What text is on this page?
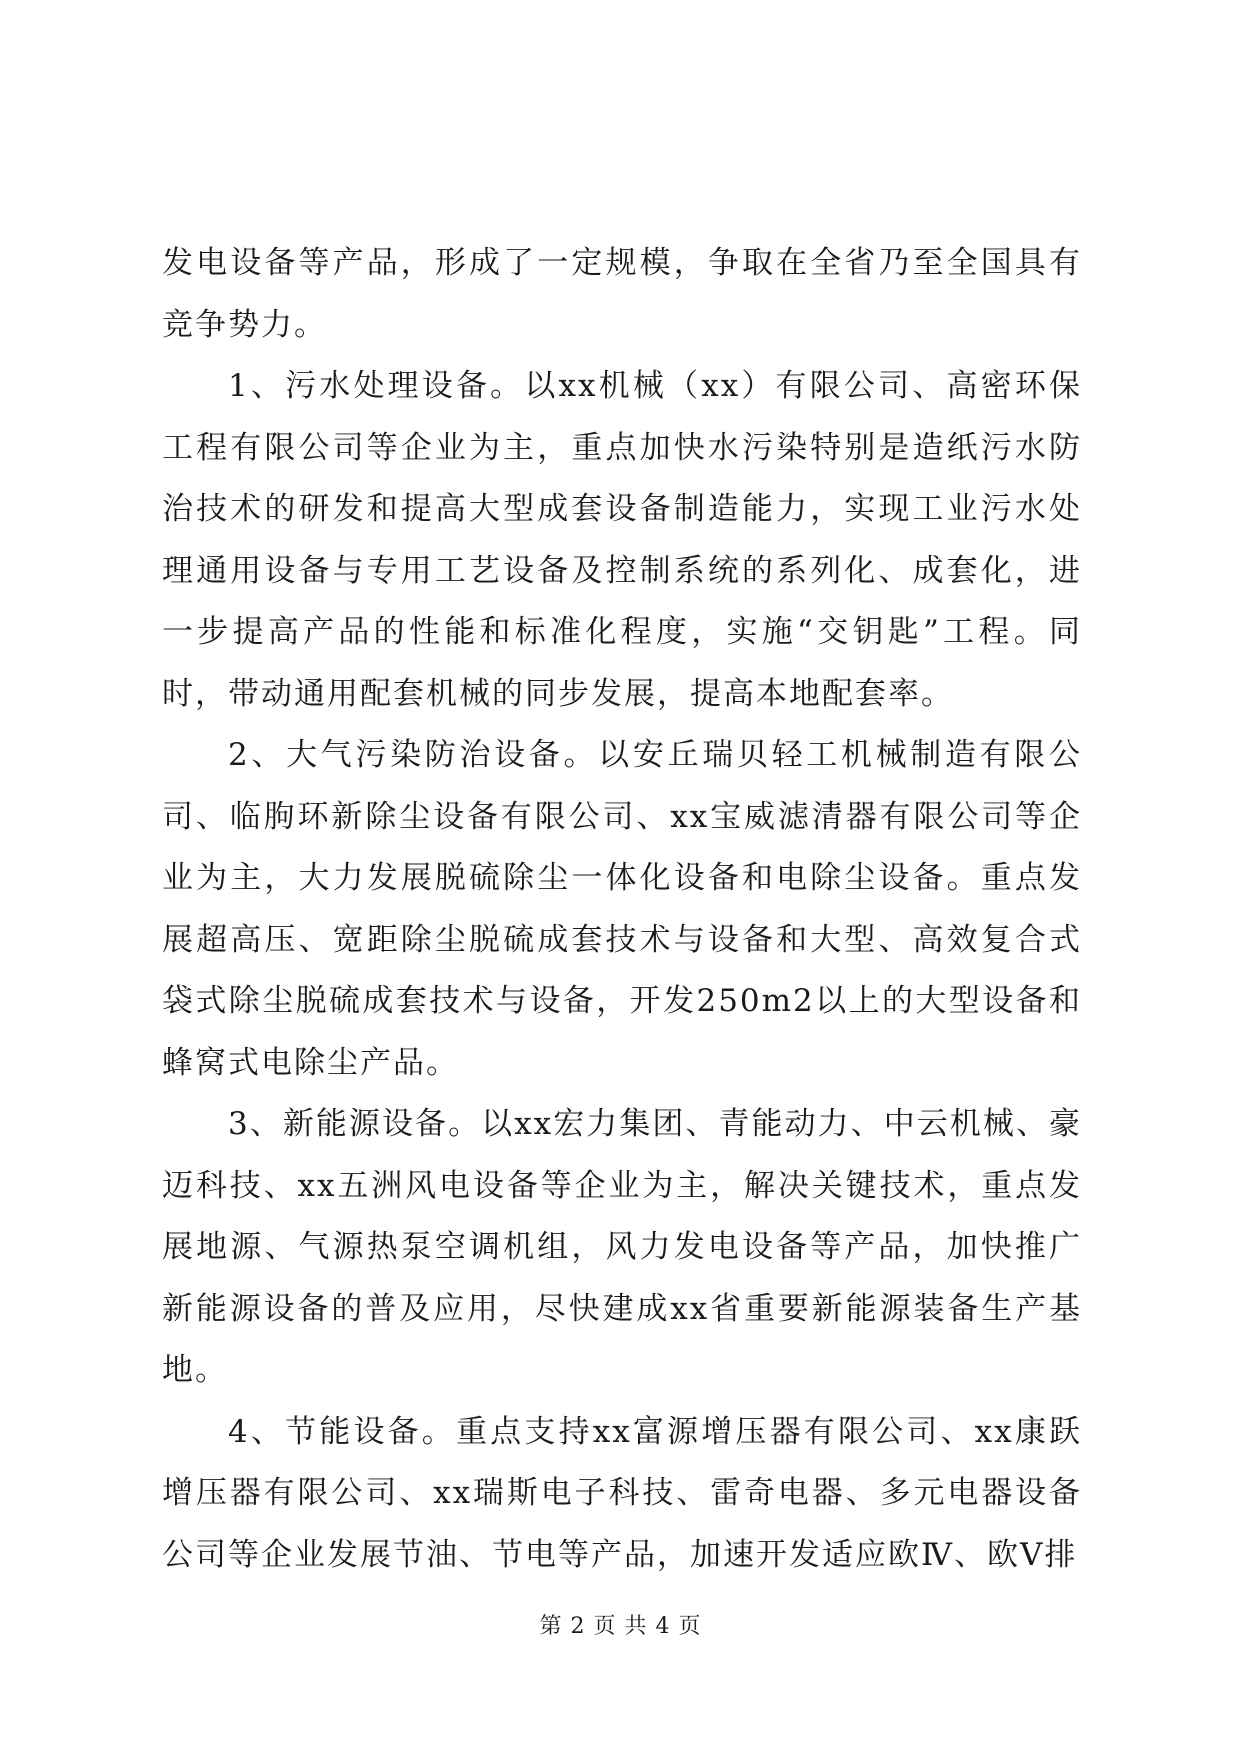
发电设备等产品，形成了一定规模，争取在全省乃至全国具有竞争势力。

1、污水处理设备。以xx机械（xx）有限公司、高密环保工程有限公司等企业为主，重点加快水污染特别是造纸污水防治技术的研发和提高大型成套设备制造能力，实现工业污水处理通用设备与专用工艺设备及控制系统的系列化、成套化，进一步提高产品的性能和标准化程度，实施“交钥匙”工程。同时，带动通用配套机械的同步发展，提高本地配套率。

2、大气污染防治设备。以安丘瑞贝轻工机械制造有限公司、临朐环新除尘设备有限公司、xx宝威滤清器有限公司等企业为主，大力发展脱硫除尘一体化设备和电除尘设备。重点发展超高压、宽距除尘脱硫成套技术与设备和大型、高效复合式袋式除尘脱硫成套技术与设备，开发250m2以上的大型设备和蜂窝式电除尘产品。

3、新能源设备。以xx宏力集团、青能动力、中云机械、豪迈科技、xx五洲风电设备等企业为主，解决关键技术，重点发展地源、气源热泵空调机组，风力发电设备等产品，加快推广新能源设备的普及应用，尽快建成xx省重要新能源装备生产基地。

4、节能设备。重点支持xx富源增压器有限公司、xx康跃增压器有限公司、xx瑞斯电子科技、雷奇电器、多元电器设备公司等企业发展节油、节电等产品，加速开发适应欧Ⅳ、欧Ⅴ排

第 2 页 共 4 页
